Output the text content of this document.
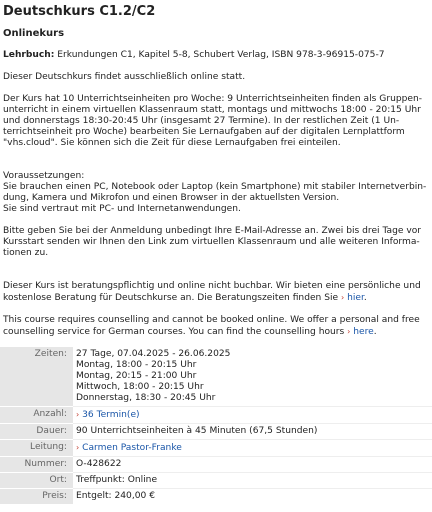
Deutschkurs C1.2/C2
Onlinekurs

Lehrbuch: Erkundungen C1, Kapitel 5-8, Schubert Verlag, ISBN 978-3-96915-075-7

Dieser Deutschkurs findet ausschließlich online statt.

Der Kurs hat 10 Unterrichtseinheiten pro Woche: 9 Unterrichtseinheiten finden als Gruppen-unterricht in einem virtuellen Klassenraum statt, montags und mittwochs 18:00 - 20:15 Uhr und donnerstags 18:30-20:45 Uhr (insgesamt 27 Termine). In der restlichen Zeit (1 Un-terrichtseinheit pro Woche) bearbeiten Sie Lernaufgaben auf der digitalen Lernplattform "vhs.cloud". Sie können sich die Zeit für diese Lernaufgaben frei einteilen.

Voraussetzungen:

Sie brauchen einen PC, Notebook oder Laptop (kein Smartphone) mit stabiler Internetverbin-dung, Kamera und Mikrofon und einen Browser in der aktuellsten Version.

Sie sind vertraut mit PC- und Internetanwendungen.

Bitte geben Sie bei der Anmeldung unbedingt Ihre E-Mail-Adresse an. Zwei bis drei Tage vor Kursstart senden wir Ihnen den Link zum virtuellen Klassenraum und alle weiteren Informa-tionen zu.

Dieser Kurs ist beratungspflichtig und online nicht buchbar. Wir bieten eine persönliche und kostenlose Beratung für Deutschkurse an. Die Beratungszeiten finden Sie › hier.

This course requires counselling and cannot be booked online. We offer a personal and free counselling service for German courses. You can find the counselling hours › here.

Zeiten:	27 Tage, 07.04.2025 - 26.06.2025
Montag, 18:00 - 20:15 Uhr
Montag, 20:15 - 21:00 Uhr
Mittwoch, 18:00 - 20:15 Uhr
Donnerstag, 18:30 - 20:45 Uhr

Anzahl:	› 36 Termin(e)
Dauer:	90 Unterrichtseinheiten à 45 Minuten (67,5 Stunden)
Leitung:	› Carmen Pastor-Franke
Nummer:	O-428622
Ort:	Treffpunkt: Online
Preis:	Entgelt: 240,00 €
